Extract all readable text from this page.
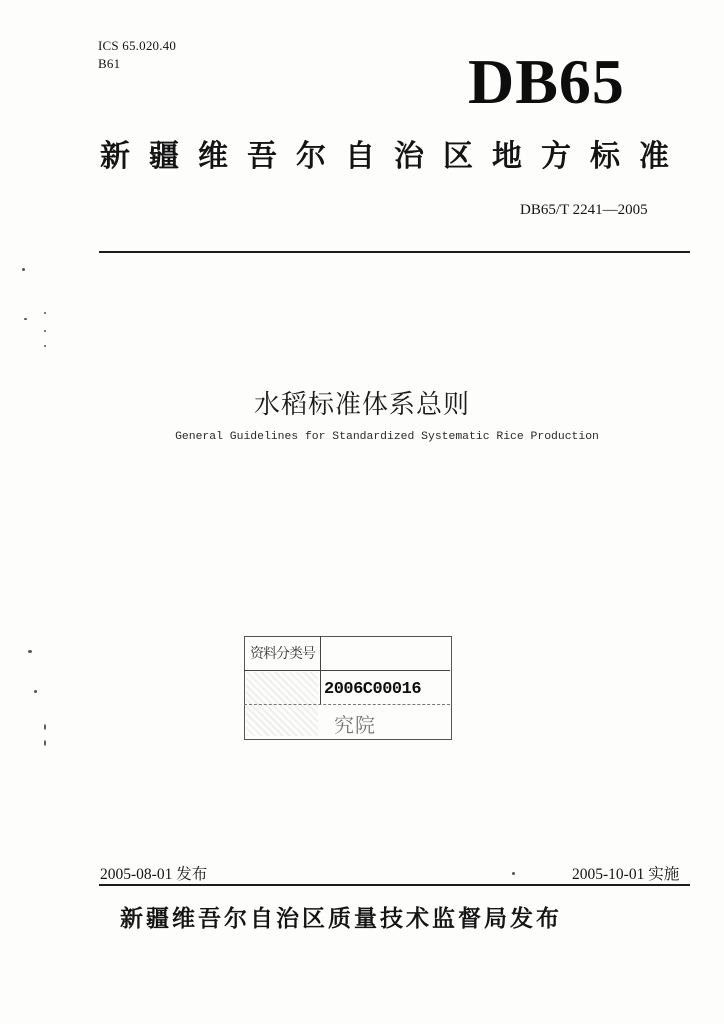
ICS 65.020.40
B61	DB65
新疆维吾尔自治区地方标准
DB65/T 2241—2005
水稻标准体系总则
General Guidelines for Standardized Systematic Rice Production
资料分类号
2006C00016
究院
2005-08-01 发布	2005-10-01 实施
新疆维吾尔自治区质量技术监督局发布
